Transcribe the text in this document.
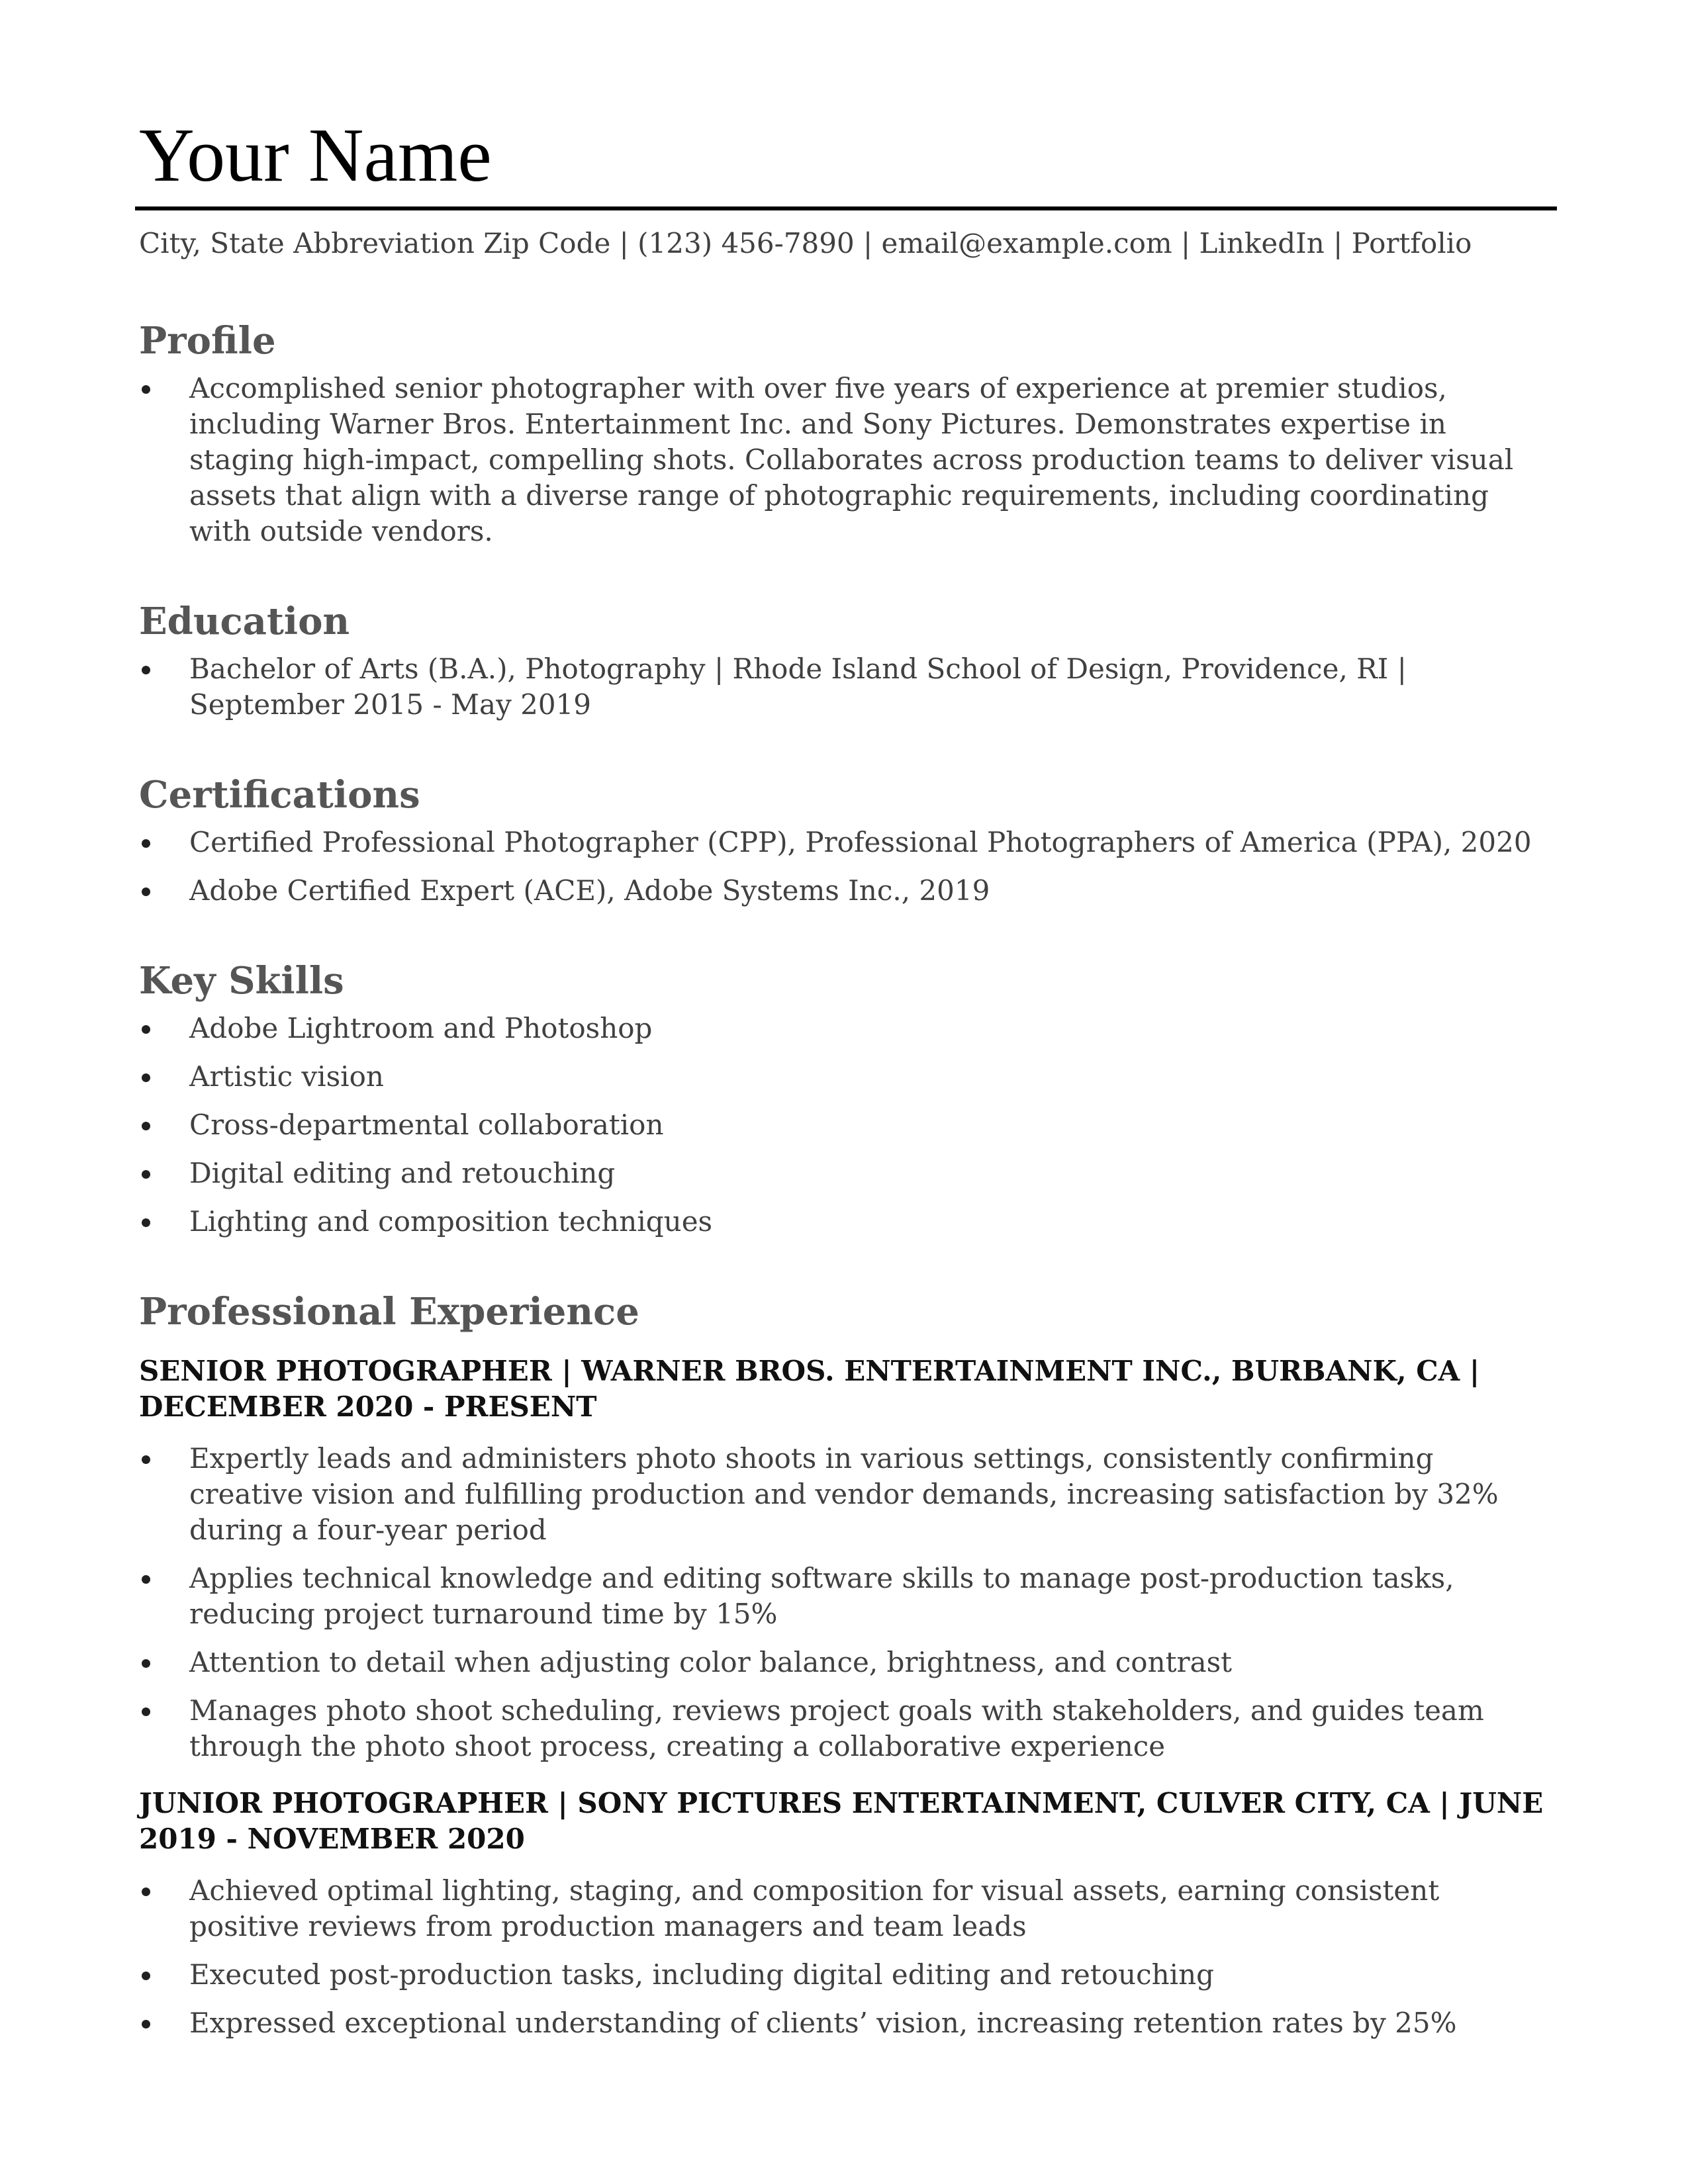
Your Name
City, State Abbreviation Zip Code | (123) 456-7890 | email@example.com | LinkedIn | Portfolio
Profile
Accomplished senior photographer with over five years of experience at premier studios, including Warner Bros. Entertainment Inc. and Sony Pictures. Demonstrates expertise in staging high-impact, compelling shots. Collaborates across production teams to deliver visual assets that align with a diverse range of photographic requirements, including coordinating with outside vendors.
Education
Bachelor of Arts (B.A.), Photography | Rhode Island School of Design, Providence, RI | September 2015 - May 2019
Certifications
Certified Professional Photographer (CPP), Professional Photographers of America (PPA), 2020
Adobe Certified Expert (ACE), Adobe Systems Inc., 2019
Key Skills
Adobe Lightroom and Photoshop
Artistic vision
Cross-departmental collaboration
Digital editing and retouching
Lighting and composition techniques
Professional Experience
SENIOR PHOTOGRAPHER | WARNER BROS. ENTERTAINMENT INC., BURBANK, CA | DECEMBER 2020 - PRESENT
Expertly leads and administers photo shoots in various settings, consistently confirming creative vision and fulfilling production and vendor demands, increasing satisfaction by 32% during a four-year period
Applies technical knowledge and editing software skills to manage post-production tasks, reducing project turnaround time by 15%
Attention to detail when adjusting color balance, brightness, and contrast
Manages photo shoot scheduling, reviews project goals with stakeholders, and guides team through the photo shoot process, creating a collaborative experience
JUNIOR PHOTOGRAPHER | SONY PICTURES ENTERTAINMENT, CULVER CITY, CA | JUNE 2019 - NOVEMBER 2020
Achieved optimal lighting, staging, and composition for visual assets, earning consistent positive reviews from production managers and team leads
Executed post-production tasks, including digital editing and retouching
Expressed exceptional understanding of clients’ vision, increasing retention rates by 25%
